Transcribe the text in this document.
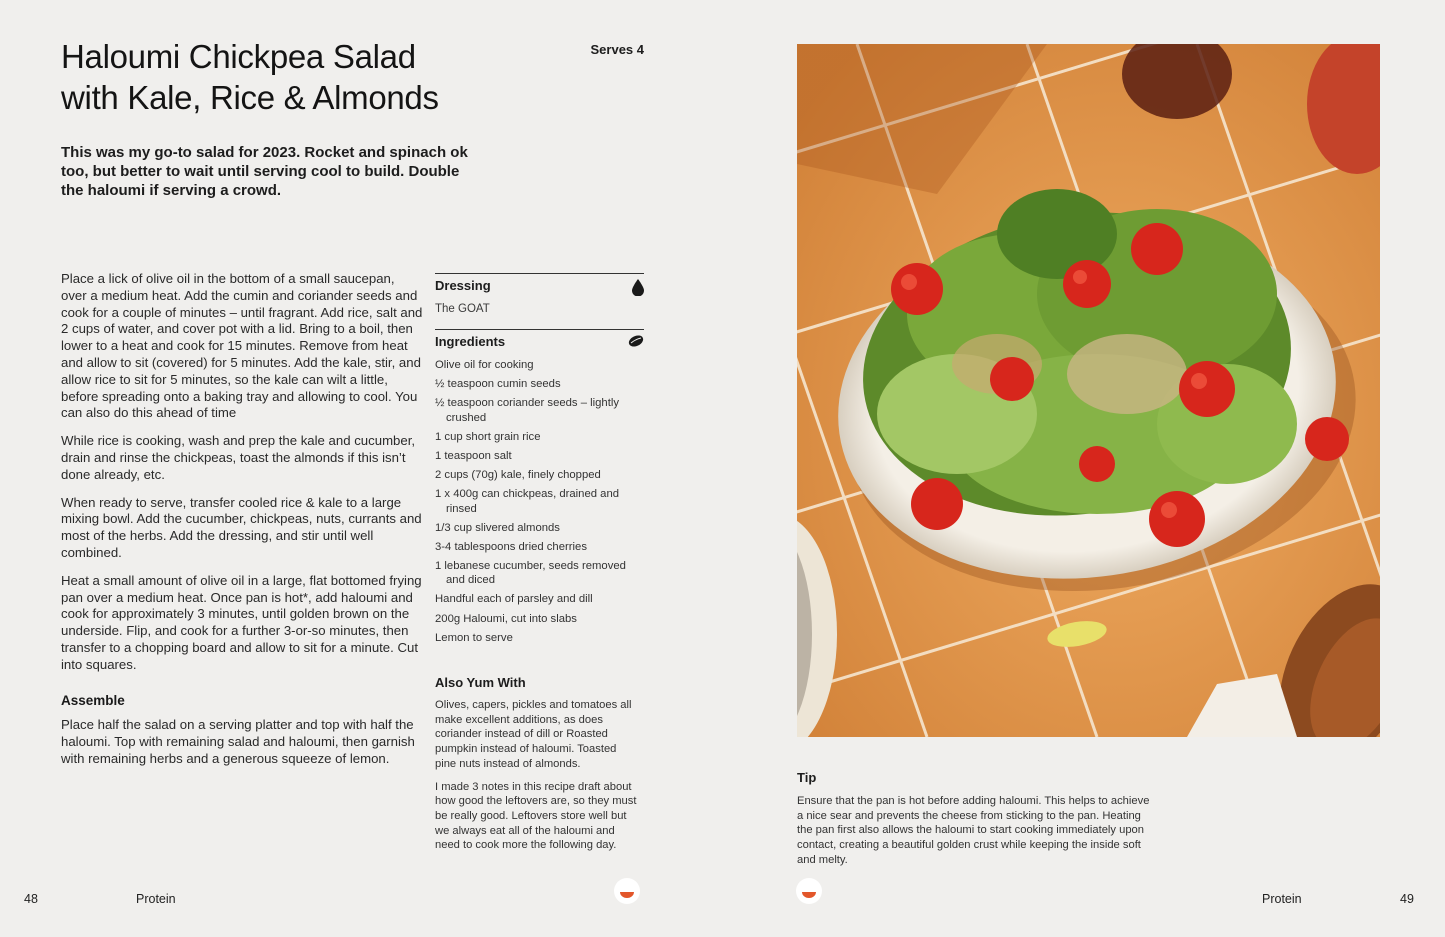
Haloumi Chickpea Salad
with Kale, Rice & Almonds
Serves 4

This was my go-to salad for 2023. Rocket and spinach ok too, but better to wait until serving cool to build. Double the haloumi if serving a crowd.

Place a lick of olive oil in the bottom of a small saucepan, over a medium heat. Add the cumin and coriander seeds and cook for a couple of minutes – until fragrant. Add rice, salt and 2 cups of water, and cover pot with a lid. Bring to a boil, then lower to a heat and cook for 15 minutes. Remove from heat and allow to sit (covered) for 5 minutes. Add the kale, stir, and allow rice to sit for 5 minutes, so the kale can wilt a little, before spreading onto a baking tray and allowing to cool. You can also do this ahead of time

While rice is cooking, wash and prep the kale and cucumber, drain and rinse the chickpeas, toast the almonds if this isn’t done already, etc.

When ready to serve, transfer cooled rice & kale to a large mixing bowl. Add the cucumber, chickpeas, nuts, currants and most of the herbs. Add the dressing, and stir until well combined.

Heat a small amount of olive oil in a large, flat bottomed frying pan over a medium heat. Once pan is hot*, add haloumi and cook for approximately 3 minutes, until golden brown on the underside. Flip, and cook for a further 3-or-so minutes, then transfer to a chopping board and allow to sit for a minute. Cut into squares.

Assemble

Place half the salad on a serving platter and top with half the haloumi. Top with remaining salad and haloumi, then garnish with remaining herbs and a generous squeeze of lemon.

Dressing
The GOAT
Ingredients
Olive oil for cooking
½ teaspoon cumin seeds
½ teaspoon coriander seeds – lightly crushed
1 cup short grain rice
1 teaspoon salt
2 cups (70g) kale, finely chopped
1 x 400g can chickpeas, drained and rinsed
1/3 cup slivered almonds
3-4 tablespoons dried cherries
1 lebanese cucumber, seeds removed and diced
Handful each of parsley and dill
200g Haloumi, cut into slabs
Lemon to serve
Also Yum With

Olives, capers, pickles and tomatoes all make excellent additions, as does coriander instead of dill or Roasted pumpkin instead of haloumi. Toasted pine nuts instead of almonds.

I made 3 notes in this recipe draft about how good the leftovers are, so they must be really good. Leftovers store well but we always eat all of the haloumi and need to cook more the following day.

Tip

Ensure that the pan is hot before adding haloumi. This helps to achieve a nice sear and prevents the cheese from sticking to the pan. Heating the pan first also allows the haloumi to start cooking immediately upon contact, creating a beautiful golden crust while keeping the inside soft and melty.

48	Protein	Protein	49
